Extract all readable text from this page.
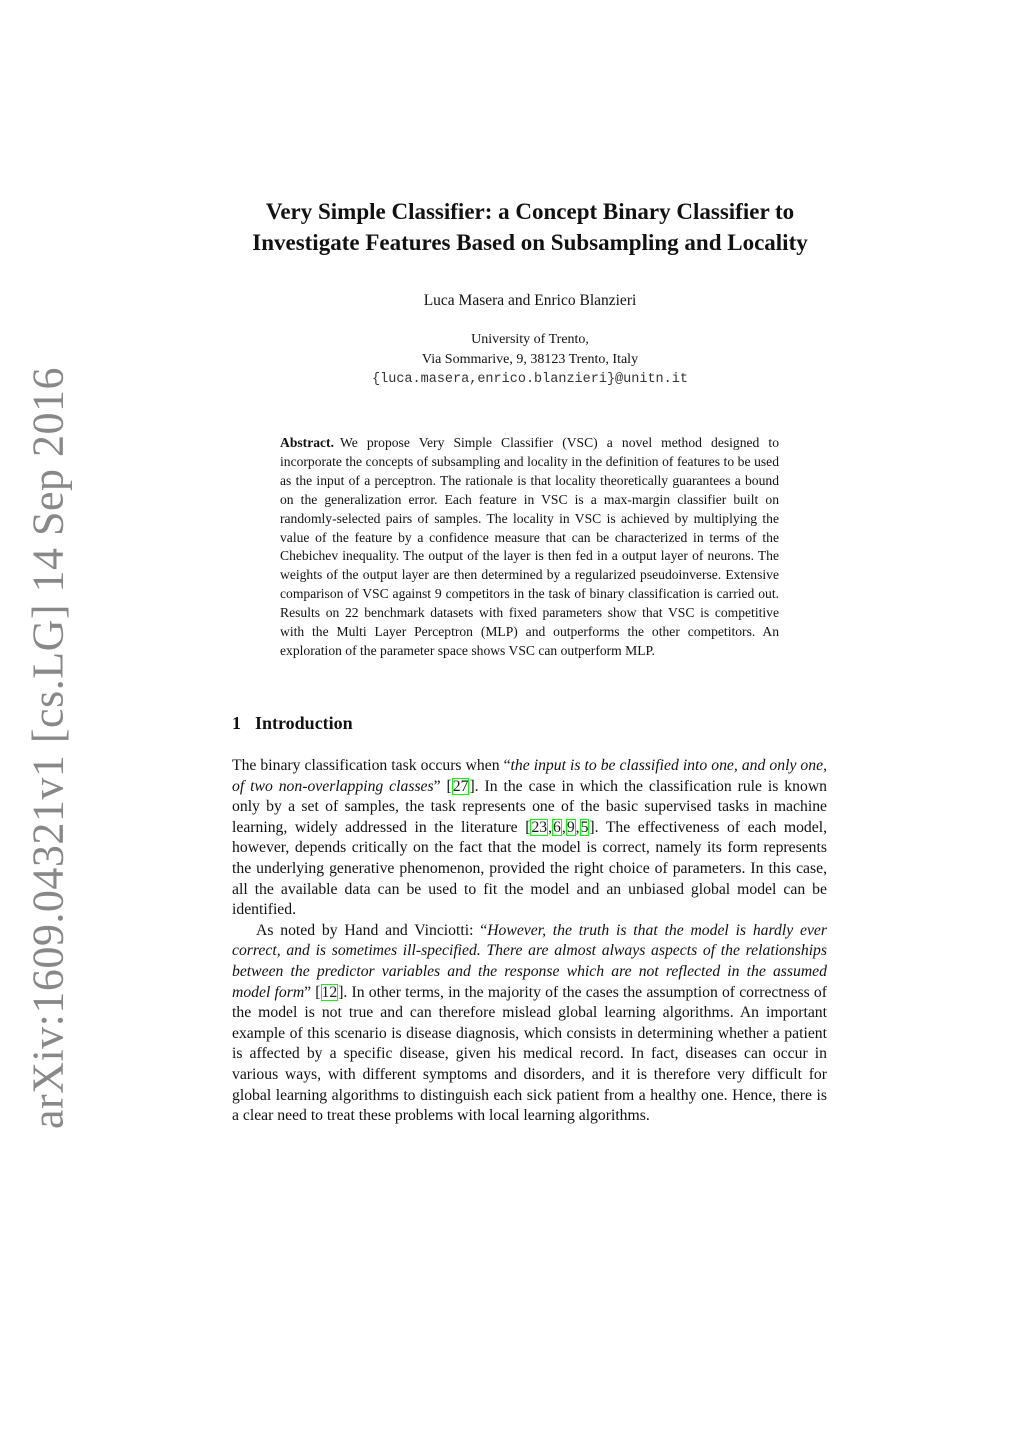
arXiv:1609.04321v1 [cs.LG] 14 Sep 2016
Very Simple Classifier: a Concept Binary Classifier to
Investigate Features Based on Subsampling and Locality

Luca Masera and Enrico Blanzieri

University of Trento,
Via Sommarive, 9, 38123 Trento, Italy
{luca.masera,enrico.blanzieri}@unitn.it

Abstract. We propose Very Simple Classifier (VSC) a novel method designed to incorporate the concepts of subsampling and locality in the definition of features to be used as the input of a perceptron. The rationale is that locality theoretically guarantees a bound on the generalization error. Each feature in VSC is a max-margin classifier built on randomly-selected pairs of samples. The locality in VSC is achieved by multiplying the value of the feature by a confidence measure that can be characterized in terms of the Chebichev inequality. The output of the layer is then fed in a output layer of neurons. The weights of the output layer are then determined by a regularized pseudoinverse. Extensive comparison of VSC against 9 competitors in the task of binary classification is carried out. Results on 22 benchmark datasets with fixed parameters show that VSC is competitive with the Multi Layer Perceptron (MLP) and outperforms the other competitors. An exploration of the parameter space shows VSC can outperform MLP.

1 Introduction

The binary classification task occurs when “the input is to be classified into one, and only one, of two non-overlapping classes” [27]. In the case in which the classification rule is known only by a set of samples, the task represents one of the basic supervised tasks in machine learning, widely addressed in the literature [23,6,9,5]. The effectiveness of each model, however, depends critically on the fact that the model is correct, namely its form represents the underlying generative phenomenon, provided the right choice of parameters. In this case, all the available data can be used to fit the model and an unbiased global model can be identified.

As noted by Hand and Vinciotti: “However, the truth is that the model is hardly ever correct, and is sometimes ill-specified. There are almost always aspects of the relationships between the predictor variables and the response which are not reflected in the assumed model form” [12]. In other terms, in the majority of the cases the assumption of correctness of the model is not true and can therefore mislead global learning algorithms. An important example of this scenario is disease diagnosis, which consists in determining whether a patient is affected by a specific disease, given his medical record. In fact, diseases can occur in various ways, with different symptoms and disorders, and it is therefore very difficult for global learning algorithms to distinguish each sick patient from a healthy one. Hence, there is a clear need to treat these problems with local learning algorithms.
